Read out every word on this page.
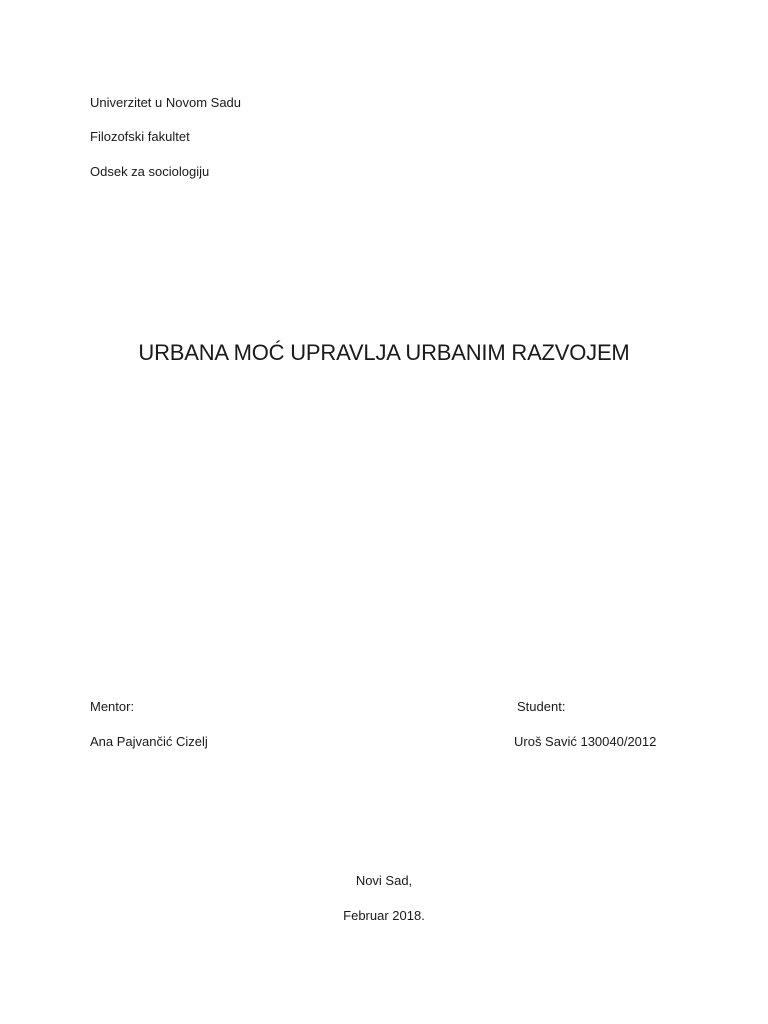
Univerzitet u Novom Sadu
Filozofski fakultet
Odsek za sociologiju
URBANA MOĆ UPRAVLJA URBANIM RAZVOJEM
Mentor:
Ana Pajvančić Cizelj
Student:
Uroš Savić 130040/2012
Novi Sad,
Februar 2018.
